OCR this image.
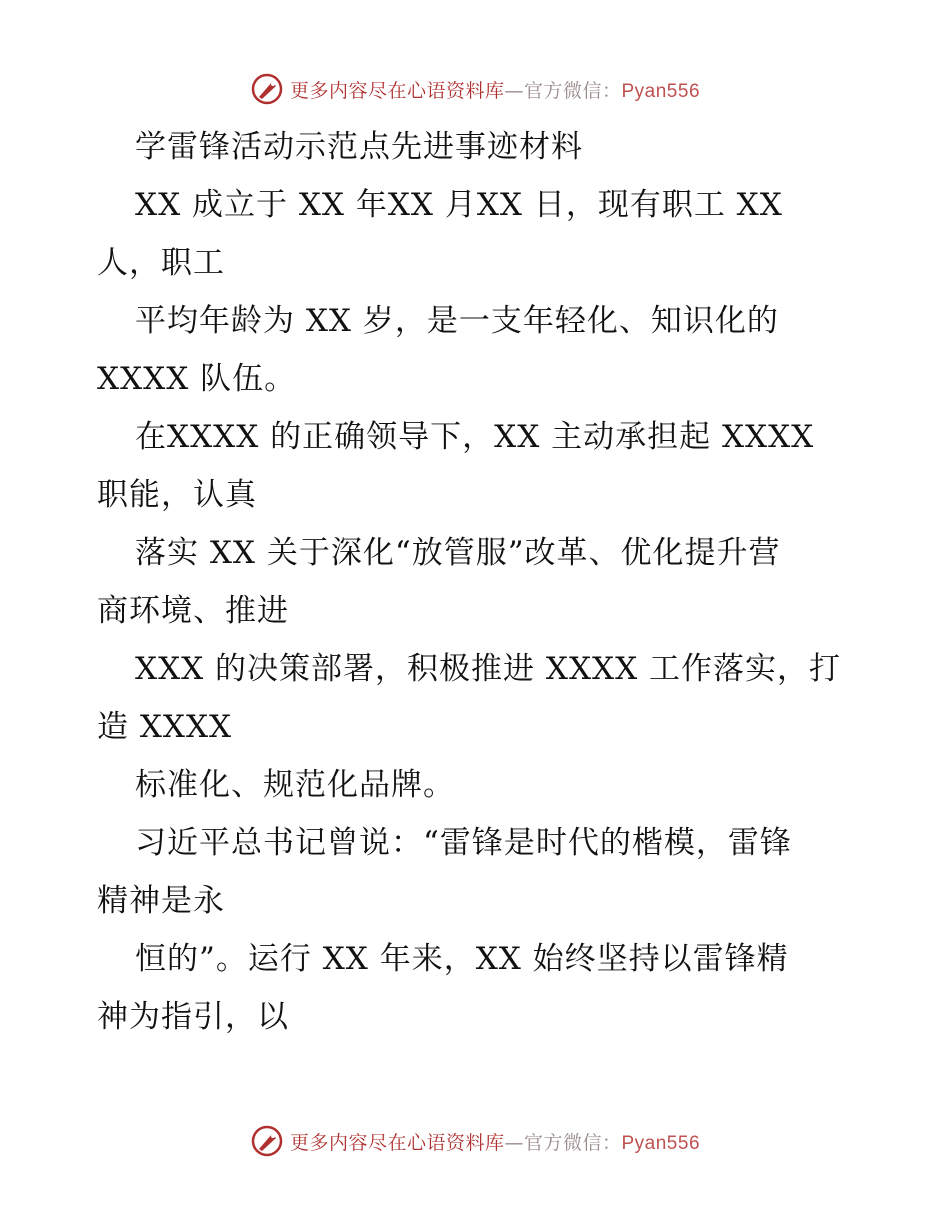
更多内容尽在心语资料库—官方微信：Pyan556
学雷锋活动示范点先进事迹材料
XX 成立于 XX 年XX 月XX 日，现有职工 XX
人，职工
平均年龄为 XX 岁，是一支年轻化、知识化的
XXXX 队伍。
在XXXX 的正确领导下，XX 主动承担起 XXXX
职能，认真
落实 XX 关于深化“放管服”改革、优化提升营
商环境、推进
XXX 的决策部署，积极推进 XXXX 工作落实，打
造 XXXX
标准化、规范化品牌。
习近平总书记曾说：“雷锋是时代的楷模，雷锋
精神是永
恒的”。运行 XX 年来，XX 始终坚持以雷锋精
神为指引，以
更多内容尽在心语资料库—官方微信：Pyan556
